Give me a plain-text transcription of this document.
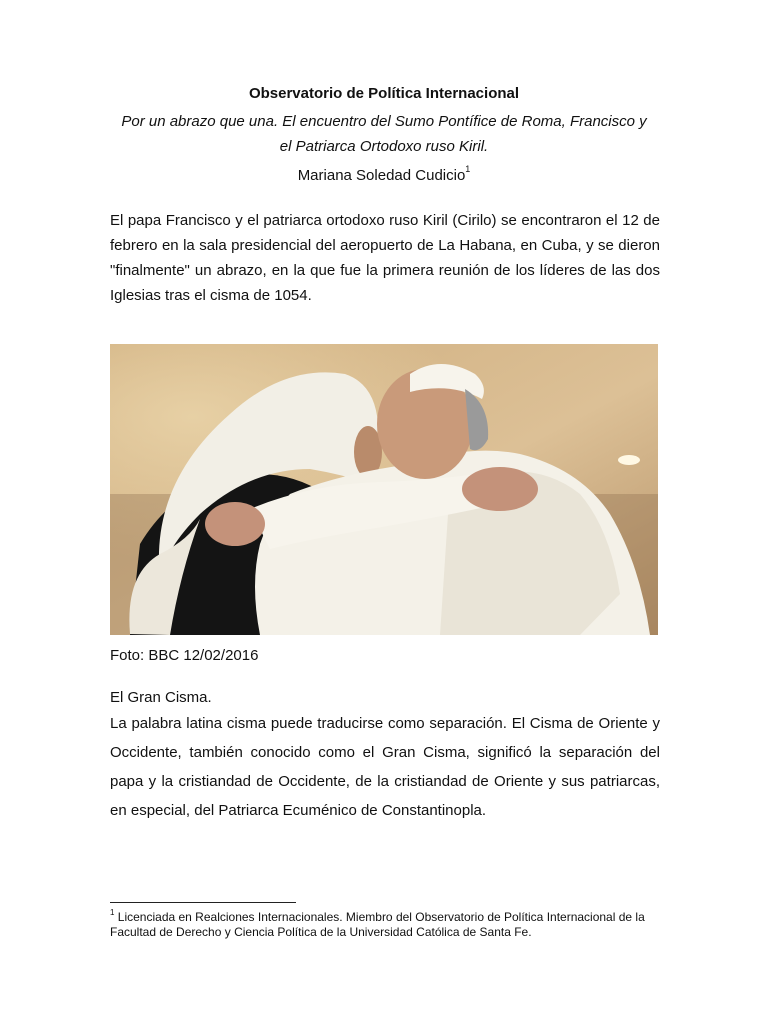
Observatorio de Política Internacional
Por un abrazo que una. El encuentro del Sumo Pontífice de Roma, Francisco y
el Patriarca Ortodoxo ruso Kiril.
Mariana Soledad Cudicio$^1$

El papa Francisco y el patriarca ortodoxo ruso Kiril (Cirilo) se encontraron el 12 de febrero en la sala presidencial del aeropuerto de La Habana, en Cuba, y se dieron "finalmente" un abrazo, en la que fue la primera reunión de los líderes de las dos Iglesias tras el cisma de 1054.

Foto: BBC 12/02/2016
El Gran Cisma.

La palabra latina cisma puede traducirse como separación. El Cisma de Oriente y Occidente, también conocido como el Gran Cisma, significó la separación del papa y la cristiandad de Occidente, de la cristiandad de Oriente y sus patriarcas, en especial, del Patriarca Ecuménico de Constantinopla.

$^1$ Licenciada en Realciones Internacionales. Miembro del Observatorio de Política Internacional de la Facultad de Derecho y Ciencia Política de la Universidad Católica de Santa Fe.
